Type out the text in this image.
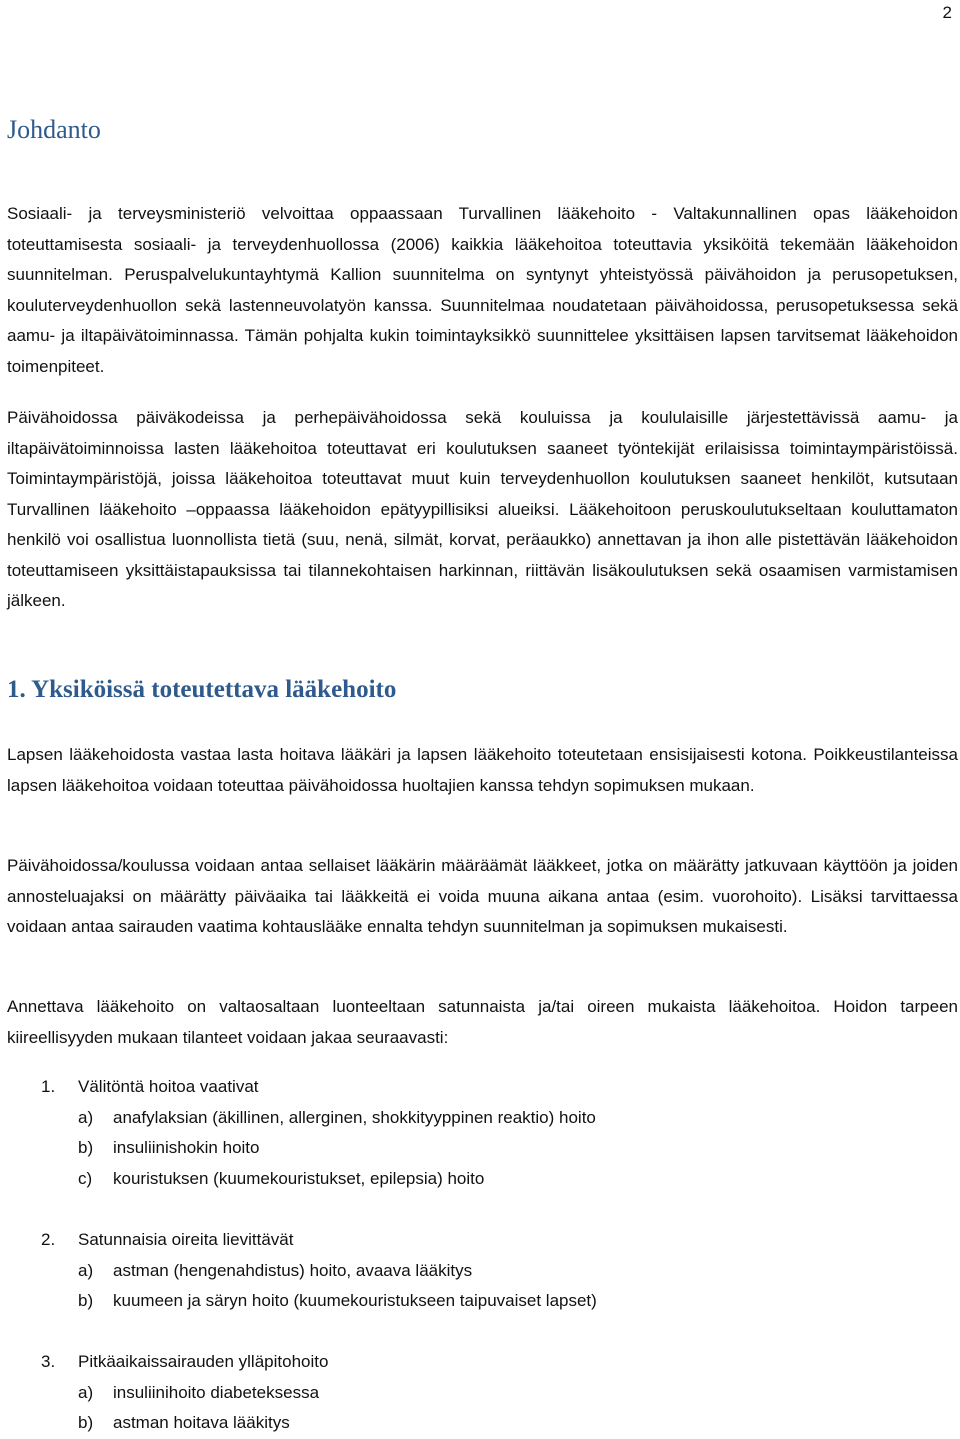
2
Johdanto

Sosiaali- ja terveysministeriö velvoittaa oppaassaan Turvallinen lääkehoito - Valtakunnallinen opas lääkehoidon toteuttamisesta sosiaali- ja terveydenhuollossa (2006) kaikkia lääkehoitoa toteuttavia yksiköitä tekemään lääkehoidon suunnitelman. Peruspalvelukuntayhtymä Kallion suunnitelma on syntynyt yhteistyössä päivähoidon ja perusopetuksen, kouluterveydenhuollon sekä lastenneuvolatyön kanssa. Suunnitelmaa noudatetaan päivähoidossa, perusopetuksessa sekä aamu- ja iltapäivätoiminnassa. Tämän pohjalta kukin toimintayksikkö suunnittelee yksittäisen lapsen tarvitsemat lääkehoidon toimenpiteet.

Päivähoidossa päiväkodeissa ja perhepäivähoidossa sekä kouluissa ja koululaisille järjestettävissä aamu- ja iltapäivätoiminnoissa lasten lääkehoitoa toteuttavat eri koulutuksen saaneet työntekijät erilaisissa toimintaympäristöissä. Toimintaympäristöjä, joissa lääkehoitoa toteuttavat muut kuin terveydenhuollon koulutuksen saaneet henkilöt, kutsutaan Turvallinen lääkehoito –oppaassa lääkehoidon epätyypillisiksi alueiksi. Lääkehoitoon peruskoulutukseltaan kouluttamaton henkilö voi osallistua luonnollista tietä (suu, nenä, silmät, korvat, peräaukko) annettavan ja ihon alle pistettävän lääkehoidon toteuttamiseen yksittäistapauksissa tai tilannekohtaisen harkinnan, riittävän lisäkoulutuksen sekä osaamisen varmistamisen jälkeen.

1. Yksiköissä toteutettava lääkehoito

Lapsen lääkehoidosta vastaa lasta hoitava lääkäri ja lapsen lääkehoito toteutetaan ensisijaisesti kotona. Poikkeustilanteissa lapsen lääkehoitoa voidaan toteuttaa päivähoidossa huoltajien kanssa tehdyn sopimuksen mukaan.

Päivähoidossa/koulussa voidaan antaa sellaiset lääkärin määräämät lääkkeet, jotka on määrätty jatkuvaan käyttöön ja joiden annosteluajaksi on määrätty päiväaika tai lääkkeitä ei voida muuna aikana antaa (esim. vuorohoito). Lisäksi tarvittaessa voidaan antaa sairauden vaatima kohtauslääke ennalta tehdyn suunnitelman ja sopimuksen mukaisesti.

Annettava lääkehoito on valtaosaltaan luonteeltaan satunnaista ja/tai oireen mukaista lääkehoitoa. Hoidon tarpeen kiireellisyyden mukaan tilanteet voidaan jakaa seuraavasti:

1. Välitöntä hoitoa vaativat
a) anafylaksian (äkillinen, allerginen, shokkityyppinen reaktio) hoito
b) insuliinishokin hoito
c) kouristuksen (kuumekouristukset, epilepsia) hoito
2. Satunnaisia oireita lievittävät
a) astman (hengenahdistus) hoito, avaava lääkitys
b) kuumeen ja säryn hoito (kuumekouristukseen taipuvaiset lapset)
3. Pitkäaikaissairauden ylläpitohoito
a) insuliinihoito diabeteksessa
b) astman hoitava lääkitys
